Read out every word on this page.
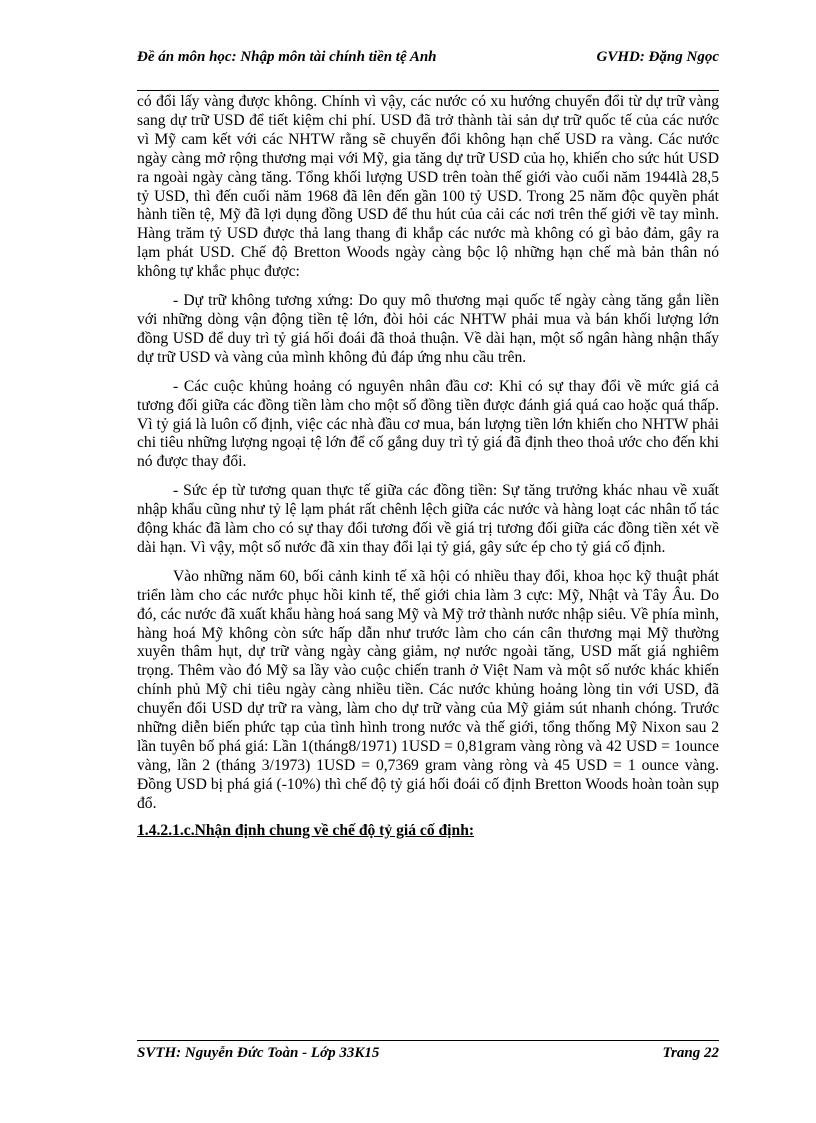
Đề án môn học: Nhập môn tài chính tiền tệ Anh	GVHD: Đặng Ngọc

có đổi lấy vàng được không. Chính vì vậy, các nước có xu hướng chuyển đổi từ dự trữ vàng sang dự trữ USD để tiết kiệm chi phí. USD đã trở thành tài sản dự trữ quốc tế của các nước vì Mỹ cam kết với các NHTW rằng sẽ chuyển đổi không hạn chế USD ra vàng. Các nước ngày càng mở rộng thương mại với Mỹ, gia tăng dự trữ USD của họ, khiến cho sức hút USD ra ngoài ngày càng tăng. Tổng khối lượng USD trên toàn thế giới vào cuối năm 1944là 28,5 tỷ USD, thì đến cuối năm 1968 đã lên đến gần 100 tỷ USD. Trong 25 năm độc quyền phát hành tiền tệ, Mỹ đã lợi dụng đồng USD để thu hút của cải các nơi trên thế giới về tay mình. Hàng trăm tỷ USD được thả lang thang đi khắp các nước mà không có gì bảo đảm, gây ra lạm phát USD. Chế độ Bretton Woods ngày càng bộc lộ những hạn chế mà bản thân nó không tự khắc phục được:

- Dự trữ không tương xứng: Do quy mô thương mại quốc tế ngày càng tăng gắn liền với những dòng vận động tiền tệ lớn, đòi hỏi các NHTW phải mua và bán khối lượng lớn đồng USD để duy trì tỷ giá hối đoái đã thoả thuận. Về dài hạn, một số ngân hàng nhận thấy dự trữ USD và vàng của mình không đủ đáp ứng nhu cầu trên.

- Các cuộc khủng hoảng có nguyên nhân đầu cơ: Khi có sự thay đổi về mức giá cả tương đối giữa các đồng tiền làm cho một số đồng tiền được đánh giá quá cao hoặc quá thấp. Vì tỷ giá là luôn cố định, việc các nhà đầu cơ mua, bán lượng tiền lớn khiến cho NHTW phải chi tiêu những lượng ngoại tệ lớn để cố gắng duy trì tỷ giá đã định theo thoả ước cho đến khi nó được thay đổi.

- Sức ép từ tương quan thực tế giữa các đồng tiền: Sự tăng trưởng khác nhau về xuất nhập khẩu cũng như tỷ lệ lạm phát rất chênh lệch giữa các nước và hàng loạt các nhân tố tác động khác đã làm cho có sự thay đổi tương đối về giá trị tương đối giữa các đồng tiền xét về dài hạn. Vì vậy, một số nước đã xin thay đổi lại tỷ giá, gây sức ép cho tỷ giá cố định.

Vào những năm 60, bối cảnh kinh tế xã hội có nhiều thay đổi, khoa học kỹ thuật phát triển làm cho các nước phục hồi kinh tế, thế giới chia làm 3 cực: Mỹ, Nhật và Tây Âu. Do đó, các nước đã xuất khẩu hàng hoá sang Mỹ và Mỹ trở thành nước nhập siêu. Về phía mình, hàng hoá Mỹ không còn sức hấp dẫn như trước làm cho cán cân thương mại Mỹ thường xuyên thâm hụt, dự trữ vàng ngày càng giảm, nợ nước ngoài tăng, USD mất giá nghiêm trọng. Thêm vào đó Mỹ sa lầy vào cuộc chiến tranh ở Việt Nam và một số nước khác khiến chính phủ Mỹ chi tiêu ngày càng nhiều tiền. Các nước khủng hoảng lòng tin với USD, đã chuyển đổi USD dự trữ ra vàng, làm cho dự trữ vàng của Mỹ giảm sút nhanh chóng. Trước những diễn biến phức tạp của tình hình trong nước và thế giới, tổng thống Mỹ Nixon sau 2 lần tuyên bố phá giá: Lần 1(tháng8/1971) 1USD = 0,81gram vàng ròng và 42 USD = 1ounce vàng, lần 2 (tháng 3/1973) 1USD = 0,7369 gram vàng ròng và 45 USD = 1 ounce vàng. Đồng USD bị phá giá (-10%) thì chế độ tỷ giá hối đoái cố định Bretton Woods hoàn toàn sụp đổ.

1.4.2.1.c.Nhận định chung về chế độ tỷ giá cố định:

SVTH: Nguyễn Đức Toàn - Lớp 33K15	Trang 22
